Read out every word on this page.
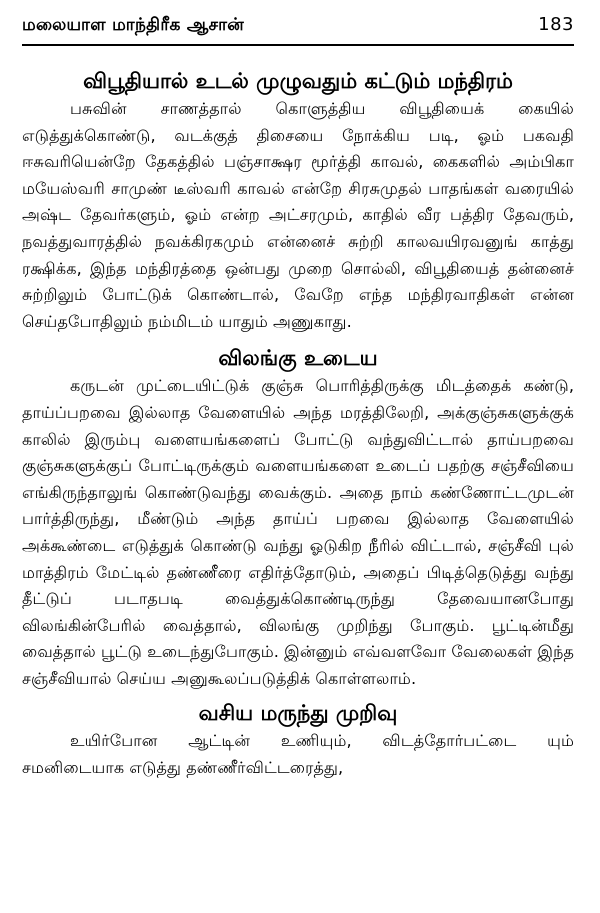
மலையாள மாந்திரீக ஆசான்	183
விபூதியால் உடல் முழுவதும் கட்டும் மந்திரம்

பசுவின் சாணத்தால் கொளுத்திய விபூதியைக் கையில் எடுத்துக்கொண்டு, வடக்குத் திசையை நோக்கிய படி, ஓம் பகவதி ஈசுவரியென்றே தேகத்தில் பஞ்சாக்ஷர மூர்த்தி காவல், கைகளில் அம்பிகா மயேஸ்வரி சாமுண் டீஸ்வரி காவல் என்றே சிரசுமுதல் பாதங்கள் வரையில் அஷ்ட தேவர்களும், ஓம் என்ற அட்சரமும், காதில் வீர பத்திர தேவரும், நவத்துவாரத்தில் நவக்கிரகமும் என்னைச் சுற்றி காலவயிரவனுங் காத்து ரக்ஷிக்க, இந்த மந்திரத்தை ஒன்பது முறை சொல்லி, விபூதியைத் தன்னைச் சுற்றிலும் போட்டுக் கொண்டால், வேறே எந்த மந்திரவாதிகள் என்ன செய்தபோதிலும் நம்மிடம் யாதும் அணுகாது.

விலங்கு உடைய

கருடன் முட்டையிட்டுக் குஞ்சு பொரித்திருக்கு மிடத்தைக் கண்டு, தாய்ப்பறவை இல்லாத வேளையில் அந்த மரத்திலேறி, அக்குஞ்சுகளுக்குக் காலில் இரும்பு வளையங்களைப் போட்டு வந்துவிட்டால் தாய்பறவை குஞ்சுகளுக்குப் போட்டிருக்கும் வளையங்களை உடைப் பதற்கு சஞ்சீவியை எங்கிருந்தாலுங் கொண்டுவந்து வைக்கும். அதை நாம் கண்ணோட்டமுடன் பார்த்திருந்து, மீண்டும் அந்த தாய்ப் பறவை இல்லாத வேளையில் அக்கூண்டை எடுத்துக் கொண்டு வந்து ஓடுகிற நீரில் விட்டால், சஞ்சீவி புல் மாத்திரம் மேட்டில் தண்ணீரை எதிர்த்தோடும், அதைப் பிடித்தெடுத்து வந்து தீட்டுப் படாதபடி வைத்துக்கொண்டிருந்து தேவையானபோது விலங்கின்பேரில் வைத்தால், விலங்கு முறிந்து போகும். பூட்டின்மீது வைத்தால் பூட்டு உடைந்துபோகும். இன்னும் எவ்வளவோ வேலைகள் இந்த சஞ்சீவியால் செய்ய அனுகூலப்படுத்திக் கொள்ளலாம்.

வசிய மருந்து முறிவு

உயிர்போன ஆட்டின் உணியும், விடத்தோர்பட்டை யும் சமனிடையாக எடுத்து தண்ணீர்விட்டரைத்து,
